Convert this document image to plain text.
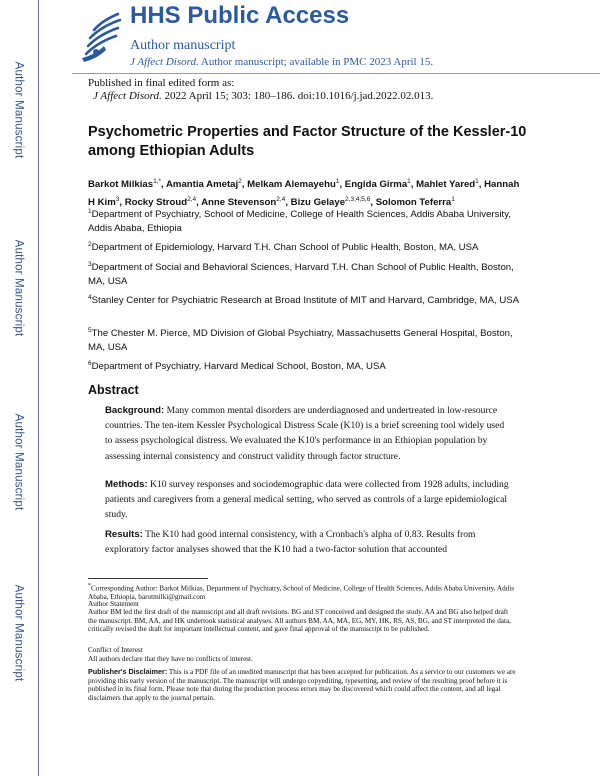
Author Manuscript
Author Manuscript
Author Manuscript
Author Manuscript
HHS Public Access
Author manuscript
J Affect Disord. Author manuscript; available in PMC 2023 April 15.
Published in final edited form as:
J Affect Disord. 2022 April 15; 303: 180–186. doi:10.1016/j.jad.2022.02.013.
Psychometric Properties and Factor Structure of the Kessler-10 among Ethiopian Adults
Barkot Milkias$^{1,*}$, Amantia Ametaj$^2$, Melkam Alemayehu$^1$, Engida Girma$^1$, Mahlet Yared$^1$, Hannah H Kim$^3$, Rocky Stroud$^{2,4}$, Anne Stevenson$^{2,4}$, Bizu Gelaye$^{2,3,4,5,6}$, Solomon Teferra$^1$
$^1$Department of Psychiatry, School of Medicine, College of Health Sciences, Addis Ababa University, Addis Ababa, Ethiopia
$^2$Department of Epidemiology, Harvard T.H. Chan School of Public Health, Boston, MA, USA
$^3$Department of Social and Behavioral Sciences, Harvard T.H. Chan School of Public Health, Boston, MA, USA
$^4$Stanley Center for Psychiatric Research at Broad Institute of MIT and Harvard, Cambridge, MA, USA
$^5$The Chester M. Pierce, MD Division of Global Psychiatry, Massachusetts General Hospital, Boston, MA, USA
$^6$Department of Psychiatry, Harvard Medical School, Boston, MA, USA
Abstract
Background: Many common mental disorders are underdiagnosed and undertreated in low-resource countries. The ten-item Kessler Psychological Distress Scale (K10) is a brief screening tool widely used to assess psychological distress. We evaluated the K10's performance in an Ethiopian population by assessing internal consistency and construct validity through factor structure.
Methods: K10 survey responses and sociodemographic data were collected from 1928 adults, including patients and caregivers from a general medical setting, who served as controls of a large epidemiological study.
Results: The K10 had good internal consistency, with a Cronbach's alpha of 0.83. Results from exploratory factor analyses showed that the K10 had a two-factor solution that accounted
*Corresponding Author: Barkot Milkias, Department of Psychiatry, School of Medicine, College of Health Sciences, Addis Ababa University, Addis Ababa, Ethiopia, barotmilki@gmail.com
Author Statement
Author BM led the first draft of the manuscript and all draft revisions. BG and ST conceived and designed the study. AA and BG also helped draft the manuscript. BM, AA, and HK undertook statistical analyses. All authors BM, AA, MA, EG, MY, HK, RS, AS, BG, and ST interpreted the data, critically revised the draft for important intellectual content, and gave final approval of the manuscript to be published.
Conflict of Interest
All authors declare that they have no conflicts of interest.
Publisher's Disclaimer: This is a PDF file of an unedited manuscript that has been accepted for publication. As a service to our customers we are providing this early version of the manuscript. The manuscript will undergo copyediting, typesetting, and review of the resulting proof before it is published in its final form. Please note that during the production process errors may be discovered which could affect the content, and all legal disclaimers that apply to the journal pertain.
